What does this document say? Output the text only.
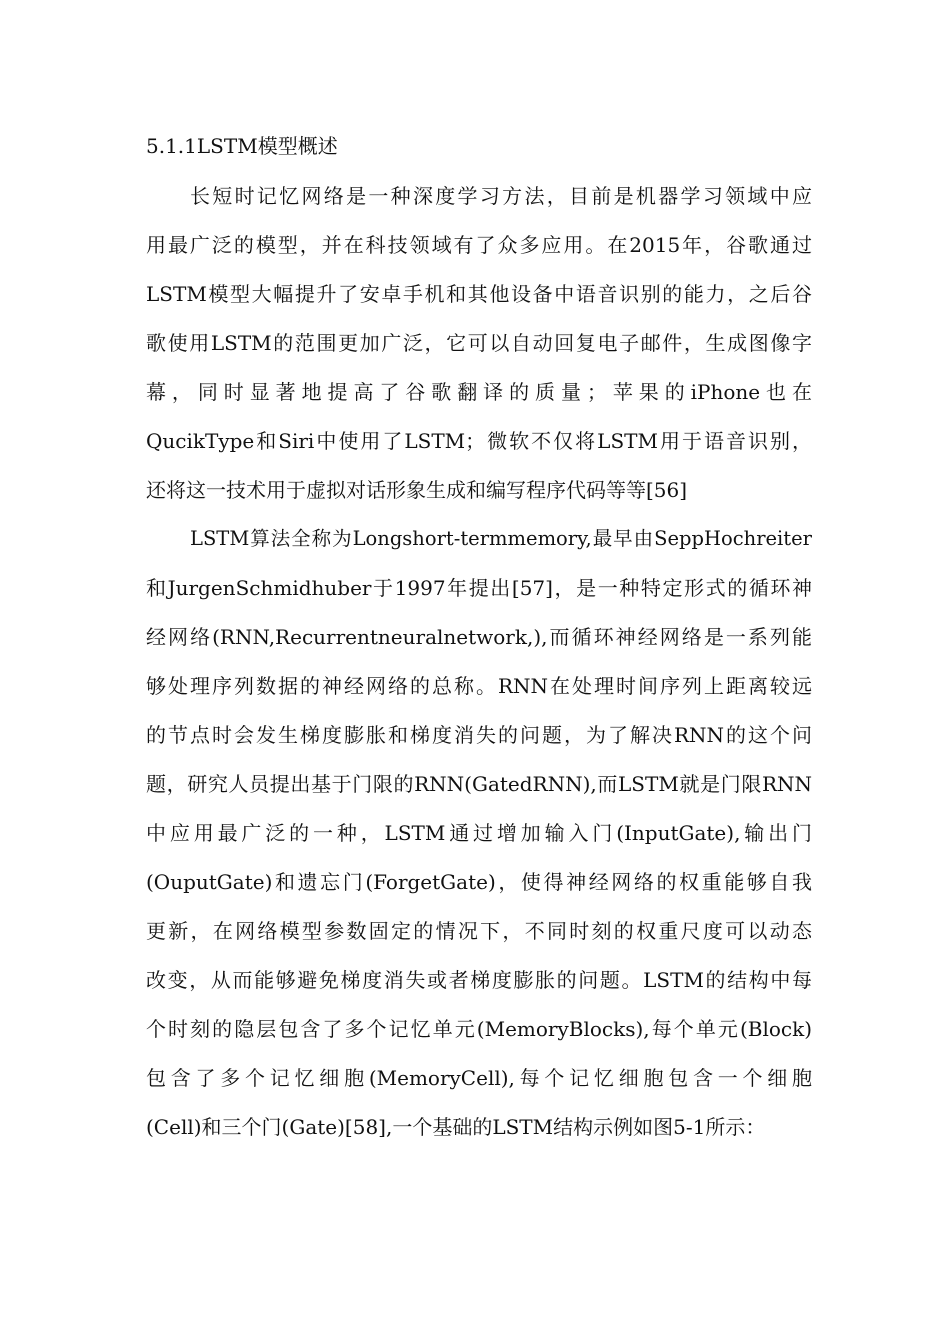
5.1.1LSTM模型概述

长短时记忆网络是一种深度学习方法，目前是机器学习领域中应

用最广泛的模型，并在科技领域有了众多应用。在2015年，谷歌通过

LSTM模型大幅提升了安卓手机和其他设备中语音识别的能力，之后谷

歌使用LSTM的范围更加广泛，它可以自动回复电子邮件，生成图像字

幕，同时显著地提高了谷歌翻译的质量；苹果的iPhone也在

QucikType和Siri中使用了LSTM；微软不仅将LSTM用于语音识别，

还将这一技术用于虚拟对话形象生成和编写程序代码等等[56]

LSTM算法全称为Longshort-termmemory,最早由SeppHochreiter

和JurgenSchmidhuber于1997年提出[57]，是一种特定形式的循环神

经网络(RNN,Recurrentneuralnetwork,),而循环神经网络是一系列能

够处理序列数据的神经网络的总称。RNN在处理时间序列上距离较远

的节点时会发生梯度膨胀和梯度消失的问题，为了解决RNN的这个问

题，研究人员提出基于门限的RNN(GatedRNN),而LSTM就是门限RNN

中应用最广泛的一种，LSTM通过增加输入门(InputGate),输出门

(OuputGate)和遗忘门(ForgetGate)，使得神经网络的权重能够自我

更新，在网络模型参数固定的情况下，不同时刻的权重尺度可以动态

改变，从而能够避免梯度消失或者梯度膨胀的问题。LSTM的结构中每

个时刻的隐层包含了多个记忆单元(MemoryBlocks),每个单元(Block)

包含了多个记忆细胞(MemoryCell),每个记忆细胞包含一个细胞

(Cell)和三个门(Gate)[58],一个基础的LSTM结构示例如图5-1所示：
